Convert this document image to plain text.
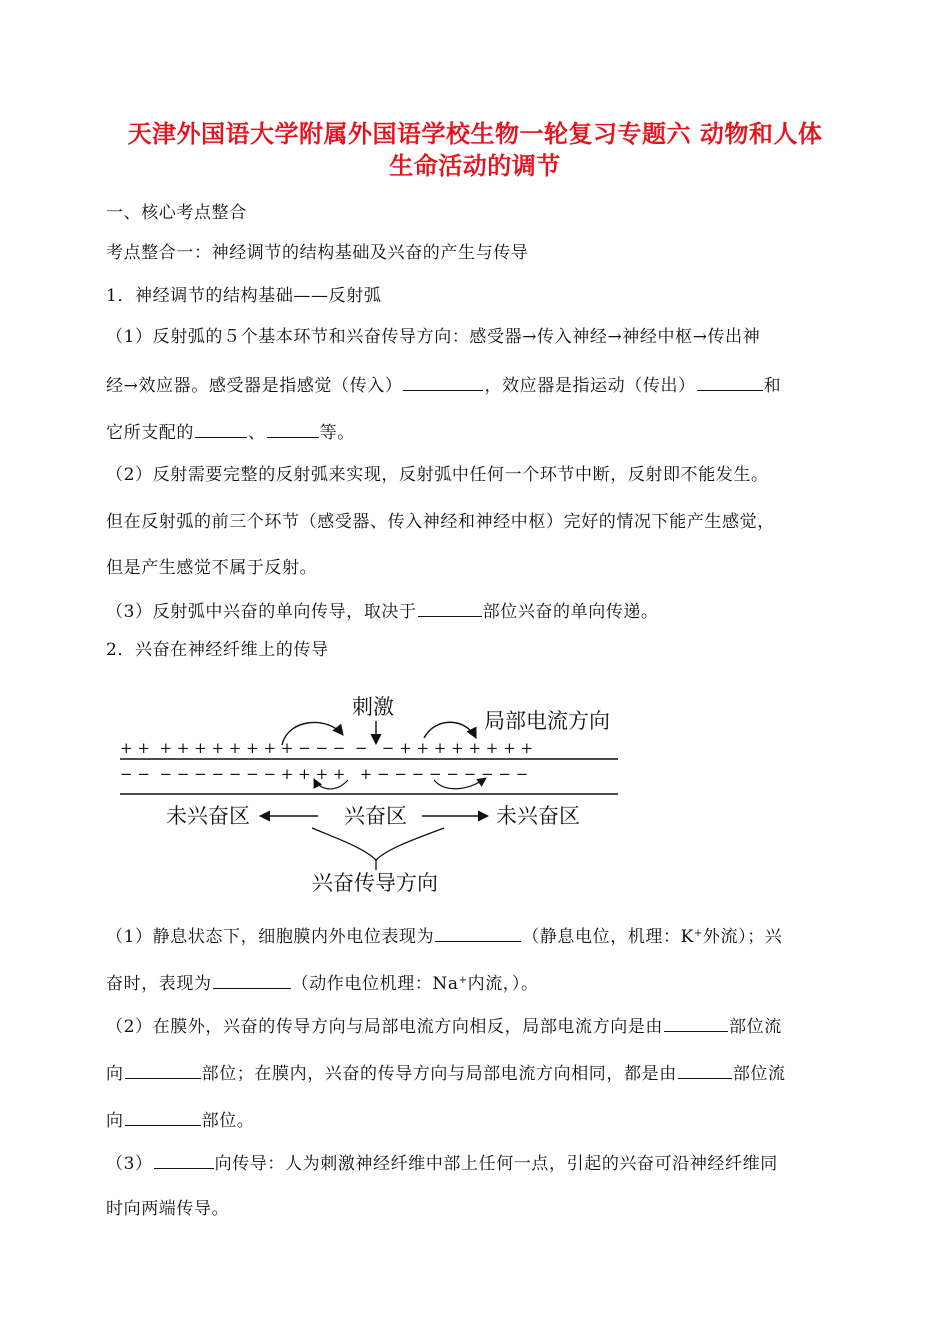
天津外国语大学附属外国语学校生物一轮复习专题六 动物和人体
生命活动的调节
一、核心考点整合
考点整合一：神经调节的结构基础及兴奋的产生与传导
1．神经调节的结构基础——反射弧
（1）反射弧的５个基本环节和兴奋传导方向：感受器→传入神经→神经中枢→传出神
经→效应器。感受器是指感觉（传入）	，效应器是指运动（传出）	和
它所支配的	、	等。
（2）反射需要完整的反射弧来实现，反射弧中任何一个环节中断，反射即不能发生。
但在反射弧的前三个环节（感受器、传入神经和神经中枢）完好的情况下能产生感觉，
但是产生感觉不属于反射。
（3）反射弧中兴奋的单向传导，取决于	部位兴奋的单向传递。
2．兴奋在神经纤维上的传导
刺激
局部电流方向
+ +  + + + + + + + + − − −  −   − + + + + + + + +
− −  − − − − − − − + + + +   + − − − − − − − − −
未兴奋区	兴奋区	未兴奋区
兴奋传导方向
（1）静息状态下，细胞膜内外电位表现为	（静息电位，机理：K+外流）；兴
奋时，表现为	（动作电位机理：Na+内流，）。
（2）在膜外，兴奋的传导方向与局部电流方向相反，局部电流方向是由	部位流
向	部位；在膜内，兴奋的传导方向与局部电流方向相同，都是由	部位流
向	部位。
（3）	向传导：人为刺激神经纤维中部上任何一点，引起的兴奋可沿神经纤维同
时向两端传导。
